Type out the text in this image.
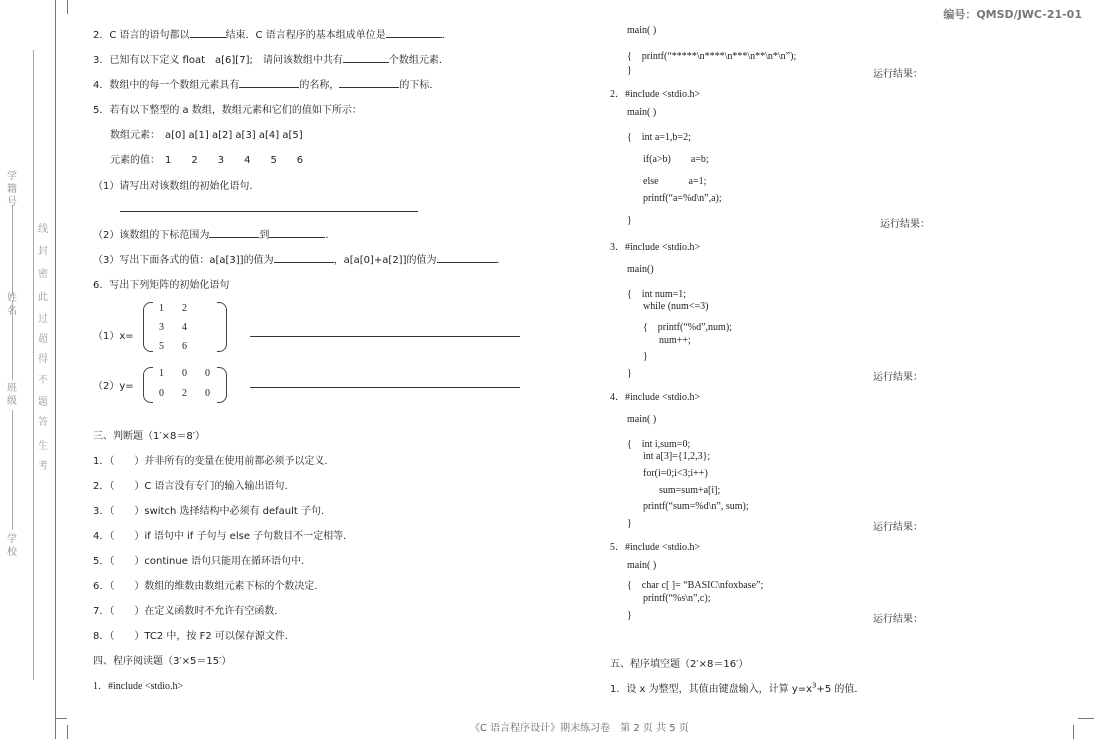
编号：QMSD/JWC-21-01
学籍号
姓名
班级
学校
2．C 语言的语句都以	结束．C 语言程序的基本组成单位是	．
3．已知有以下定义 float　a[6][7];　请问该数组中共有	个数组元素．
4．数组中的每一个数组元素具有	的名称，	的下标．
5．若有以下整型的 a 数组，数组元素和它们的值如下所示：
数组元素：　a[0] a[1] a[2] a[3] a[4] a[5]
元素的值：　1　　2　　3　　4　　5　　6
（1）请写出对该数组的初始化语句．
（2）该数组的下标范围为	到	．
（3）写出下面各式的值：a[a[3]]的值为	，a[a[0]+a[2]]的值为	．
6．写出下列矩阵的初始化语句
（1）x=
（2）y=
三、判断题（1′×8＝8′）
四、程序阅读题（3′×5＝15′）
1．#include <stdio.h>
五、程序填空题（2′×8＝16′）
1．设 x 为整型，其值由键盘输入，计算 $y=x^3+5$ 的值．
《C 语言程序设计》期末练习卷　第 2 页 共 5 页
考
生
答
题
不
得
超
过
此
密
封
线
1 2
3 4
5 6
1 0 0
0 2 0
1．（　　）并非所有的变量在使用前都必须予以定义．
2．（　　）C 语言没有专门的输入输出语句．
3．（　　）switch 选择结构中必须有 default 子句．
4．（　　）if 语句中 if 子句与 else 子句数目不一定相等．
5．（　　）continue 语句只能用在循环语句中．
6．（　　）数组的维数由数组元素下标的个数决定．
7．（　　）在定义函数时不允许有空函数．
8．（　　）TC2 中，按 F2 可以保存源文件．
main( )
{　printf(“*****\n****\n***\n**\n*\n”);
}
2．#include <stdio.h>
main( )
{　int a=1,b=2;
if(a>b)　　a=b;
else　　　a=1;
printf(“a=%d\n”,a);
}
3．#include <stdio.h>
main()
{　int num=1;
while (num<=3)
{　printf(“%d”,num);
num++;
}
}
4．#include <stdio.h>
main( )
{　int i,sum=0;
int a[3]={1,2,3};
for(i=0;i<3;i++)
sum=sum+a[i];
printf(“sum=%d\n”, sum);
}
5．#include <stdio.h>
main( )
{　char c[ ]= “BASIC\nfoxbase”;
printf(“%s\n”,c);
}
运行结果：
运行结果：
运行结果：
运行结果：
运行结果：
